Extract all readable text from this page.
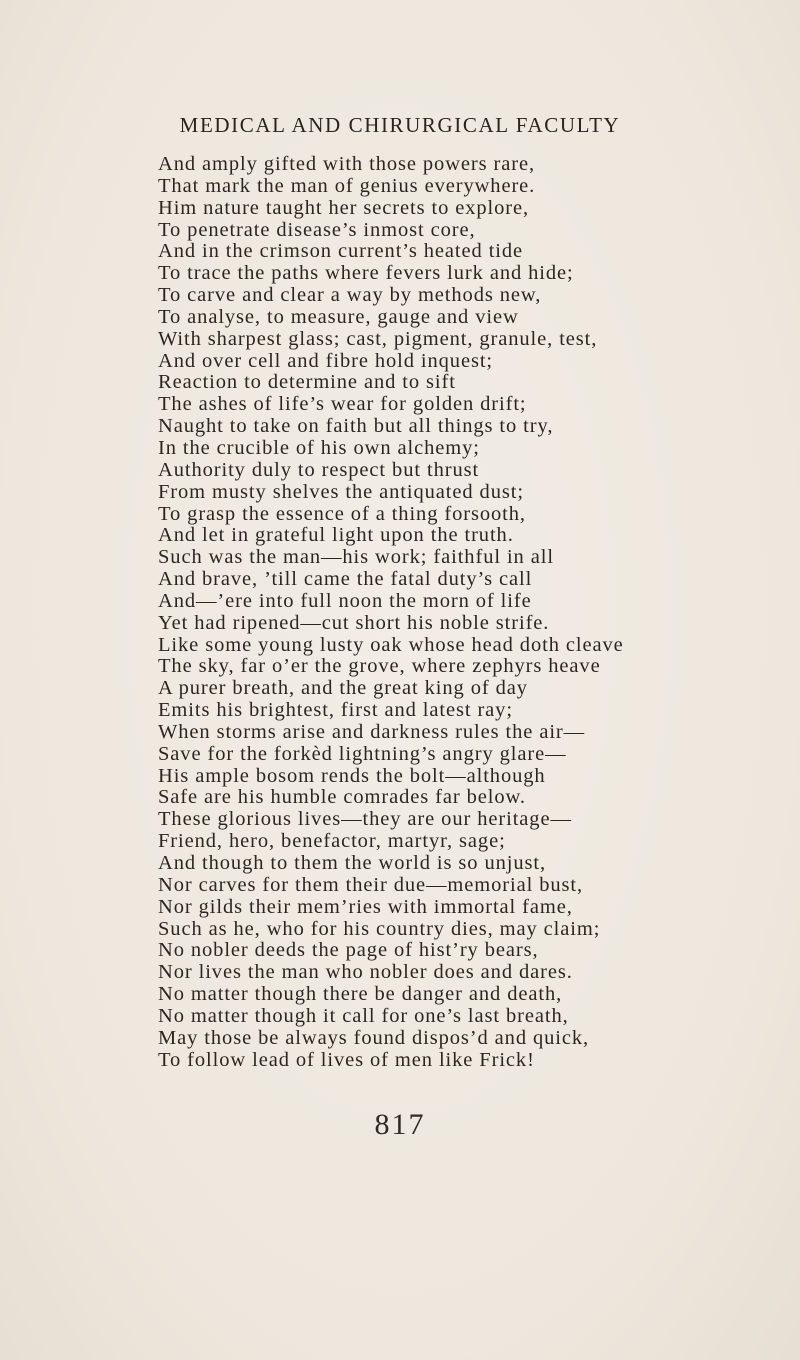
MEDICAL AND CHIRURGICAL FACULTY
And amply gifted with those powers rare,
That mark the man of genius everywhere.
Him nature taught her secrets to explore,
To penetrate disease’s inmost core,
And in the crimson current’s heated tide
To trace the paths where fevers lurk and hide;
To carve and clear a way by methods new,
To analyse, to measure, gauge and view
With sharpest glass; cast, pigment, granule, test,
And over cell and fibre hold inquest;
Reaction to determine and to sift
The ashes of life’s wear for golden drift;
Naught to take on faith but all things to try,
In the crucible of his own alchemy;
Authority duly to respect but thrust
From musty shelves the antiquated dust;
To grasp the essence of a thing forsooth,
And let in grateful light upon the truth.
Such was the man—his work; faithful in all
And brave, ’till came the fatal duty’s call
And—’ere into full noon the morn of life
Yet had ripened—cut short his noble strife.
Like some young lusty oak whose head doth cleave
The sky, far o’er the grove, where zephyrs heave
A purer breath, and the great king of day
Emits his brightest, first and latest ray;
When storms arise and darkness rules the air—
Save for the forkèd lightning’s angry glare—
His ample bosom rends the bolt—although
Safe are his humble comrades far below.
These glorious lives—they are our heritage—
Friend, hero, benefactor, martyr, sage;
And though to them the world is so unjust,
Nor carves for them their due—memorial bust,
Nor gilds their mem’ries with immortal fame,
Such as he, who for his country dies, may claim;
No nobler deeds the page of hist’ry bears,
Nor lives the man who nobler does and dares.
No matter though there be danger and death,
No matter though it call for one’s last breath,
May those be always found dispos’d and quick,
To follow lead of lives of men like Frick!
817
